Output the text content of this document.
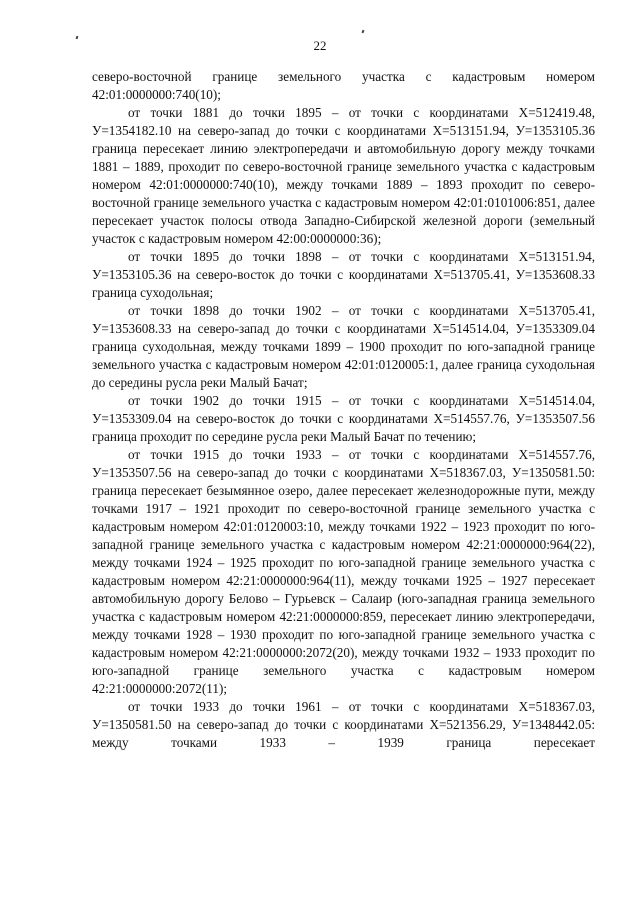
22

северо-восточной границе земельного участка с кадастровым номером 42:01:0000000:740(10);

от точки 1881 до точки 1895 – от точки с координатами X=512419.48, У=1354182.10 на северо-запад до точки с координатами X=513151.94, У=1353105.36 граница пересекает линию электропередачи и автомобильную дорогу между точками 1881 – 1889, проходит по северо-восточной границе земельного участка с кадастровым номером 42:01:0000000:740(10), между точками 1889 – 1893 проходит по северо-восточной границе земельного участка с кадастровым номером 42:01:0101006:851, далее пересекает участок полосы отвода Западно-Сибирской железной дороги (земельный участок с кадастровым номером 42:00:0000000:36);

от точки 1895 до точки 1898 – от точки с координатами X=513151.94, У=1353105.36 на северо-восток до точки с координатами X=513705.41, У=1353608.33 граница суходольная;

от точки 1898 до точки 1902 – от точки с координатами X=513705.41, У=1353608.33 на северо-запад до точки с координатами X=514514.04, У=1353309.04 граница суходольная, между точками 1899 – 1900 проходит по юго-западной границе земельного участка с кадастровым номером 42:01:0120005:1, далее граница суходольная до середины русла реки Малый Бачат;

от точки 1902 до точки 1915 – от точки с координатами X=514514.04, У=1353309.04 на северо-восток до точки с координатами X=514557.76, У=1353507.56 граница проходит по середине русла реки Малый Бачат по течению;

от точки 1915 до точки 1933 – от точки с координатами X=514557.76, У=1353507.56 на северо-запад до точки с координатами X=518367.03, У=1350581.50: граница пересекает безымянное озеро, далее пересекает железнодорожные пути, между точками 1917 – 1921 проходит по северо-восточной границе земельного участка с кадастровым номером 42:01:0120003:10, между точками 1922 – 1923 проходит по юго-западной границе земельного участка с кадастровым номером 42:21:0000000:964(22), между точками 1924 – 1925 проходит по юго-западной границе земельного участка с кадастровым номером 42:21:0000000:964(11), между точками 1925 – 1927 пересекает автомобильную дорогу Белово – Гурьевск – Салаир (юго-западная граница земельного участка с кадастровым номером 42:21:0000000:859, пересекает линию электропередачи, между точками 1928 – 1930 проходит по юго-западной границе земельного участка с кадастровым номером 42:21:0000000:2072(20), между точками 1932 – 1933 проходит по юго-западной границе земельного участка с кадастровым номером 42:21:0000000:2072(11);

от точки 1933 до точки 1961 – от точки с координатами X=518367.03, У=1350581.50 на северо-запад до точки с координатами X=521356.29, У=1348442.05: между точками 1933 – 1939 граница пересекает
